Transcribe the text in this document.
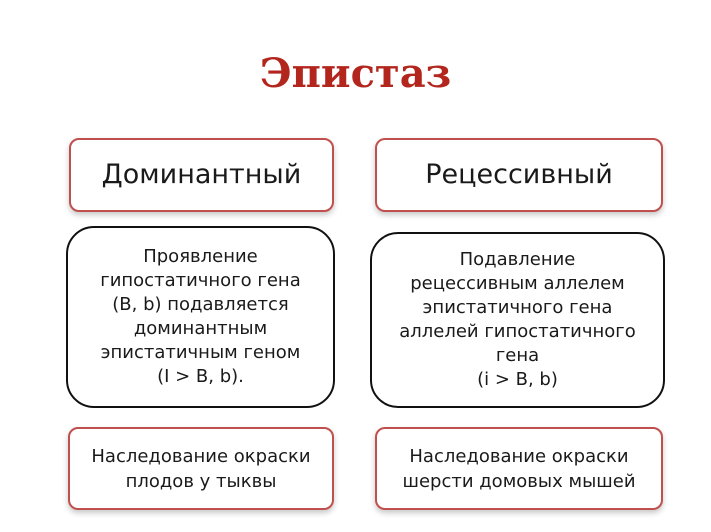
Эпистаз
Доминантный	Рецессивный
Проявление
гипостатичного гена
(B, b) подавляется
доминантным
эпистатичным геном
(I > B, b).
Подавление
рецессивным аллелем
эпистатичного гена
аллелей гипостатичного
гена
(i > B, b)
Наследование окраски
плодов у тыквы
Наследование окраски
шерсти домовых мышей
